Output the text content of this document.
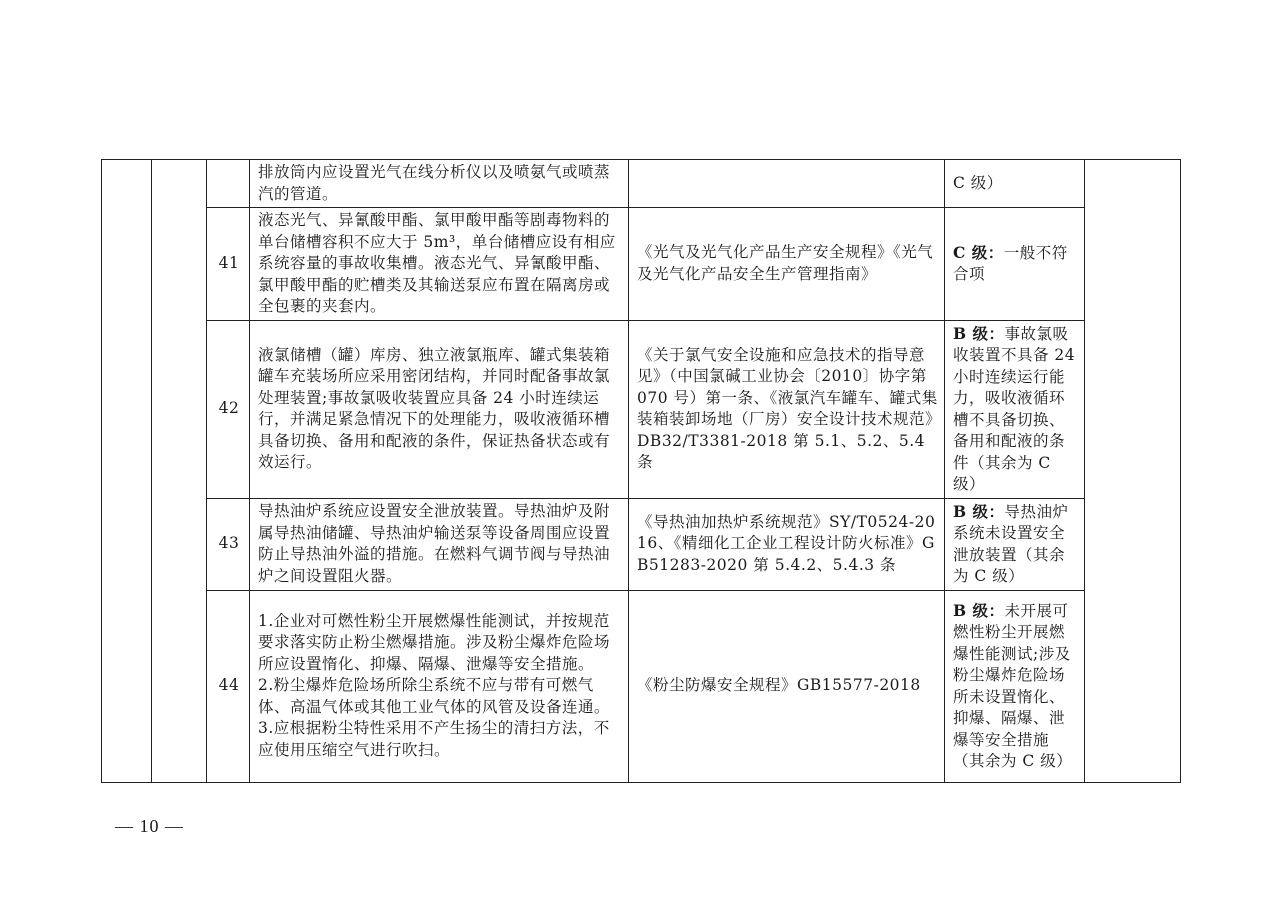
			排放筒内应设置光气在线分析仪以及喷氨气或喷蒸汽的管道。		C 级）	
		41	液态光气、异氰酸甲酯、氯甲酸甲酯等剧毒物料的单台储槽容积不应大于 5m³，单台储槽应设有相应系统容量的事故收集槽。液态光气、异氰酸甲酯、氯甲酸甲酯的贮槽类及其输送泵应布置在隔离房或全包裹的夹套内。	《光气及光气化产品生产安全规程》《光气及光气化产品安全生产管理指南》	C 级：一般不符合项	
		42	液氯储槽（罐）库房、独立液氯瓶库、罐式集装箱罐车充装场所应采用密闭结构，并同时配备事故氯处理装置;事故氯吸收装置应具备 24 小时连续运行，并满足紧急情况下的处理能力，吸收液循环槽具备切换、备用和配液的条件，保证热备状态或有效运行。	《关于氯气安全设施和应急技术的指导意见》（中国氯碱工业协会〔2010〕协字第 070 号）第一条、《液氯汽车罐车、罐式集装箱装卸场地（厂房）安全设计技术规范》DB32/T3381-2018 第 5.1、5.2、5.4 条	B 级：事故氯吸收装置不具备 24 小时连续运行能力，吸收液循环槽不具备切换、备用和配液的条件（其余为 C 级）	
		43	导热油炉系统应设置安全泄放装置。导热油炉及附属导热油储罐、导热油炉输送泵等设备周围应设置防止导热油外溢的措施。在燃料气调节阀与导热油炉之间设置阻火器。	《导热油加热炉系统规范》SY/T0524-2016、《精细化工企业工程设计防火标准》GB51283-2020 第 5.4.2、5.4.3 条	B 级：导热油炉系统未设置安全泄放装置（其余为 C 级）	
		44	1.企业对可燃性粉尘开展燃爆性能测试，并按规范要求落实防止粉尘燃爆措施。涉及粉尘爆炸危险场所应设置惰化、抑爆、隔爆、泄爆等安全措施。

2.粉尘爆炸危险场所除尘系统不应与带有可燃气体、高温气体或其他工业气体的风管及设备连通。

3.应根据粉尘特性采用不产生扬尘的清扫方法，不应使用压缩空气进行吹扫。	《粉尘防爆安全规程》GB15577-2018	B 级：未开展可燃性粉尘开展燃爆性能测试;涉及粉尘爆炸危险场所未设置惰化、抑爆、隔爆、泄爆等安全措施（其余为 C 级）	
— 10 —
